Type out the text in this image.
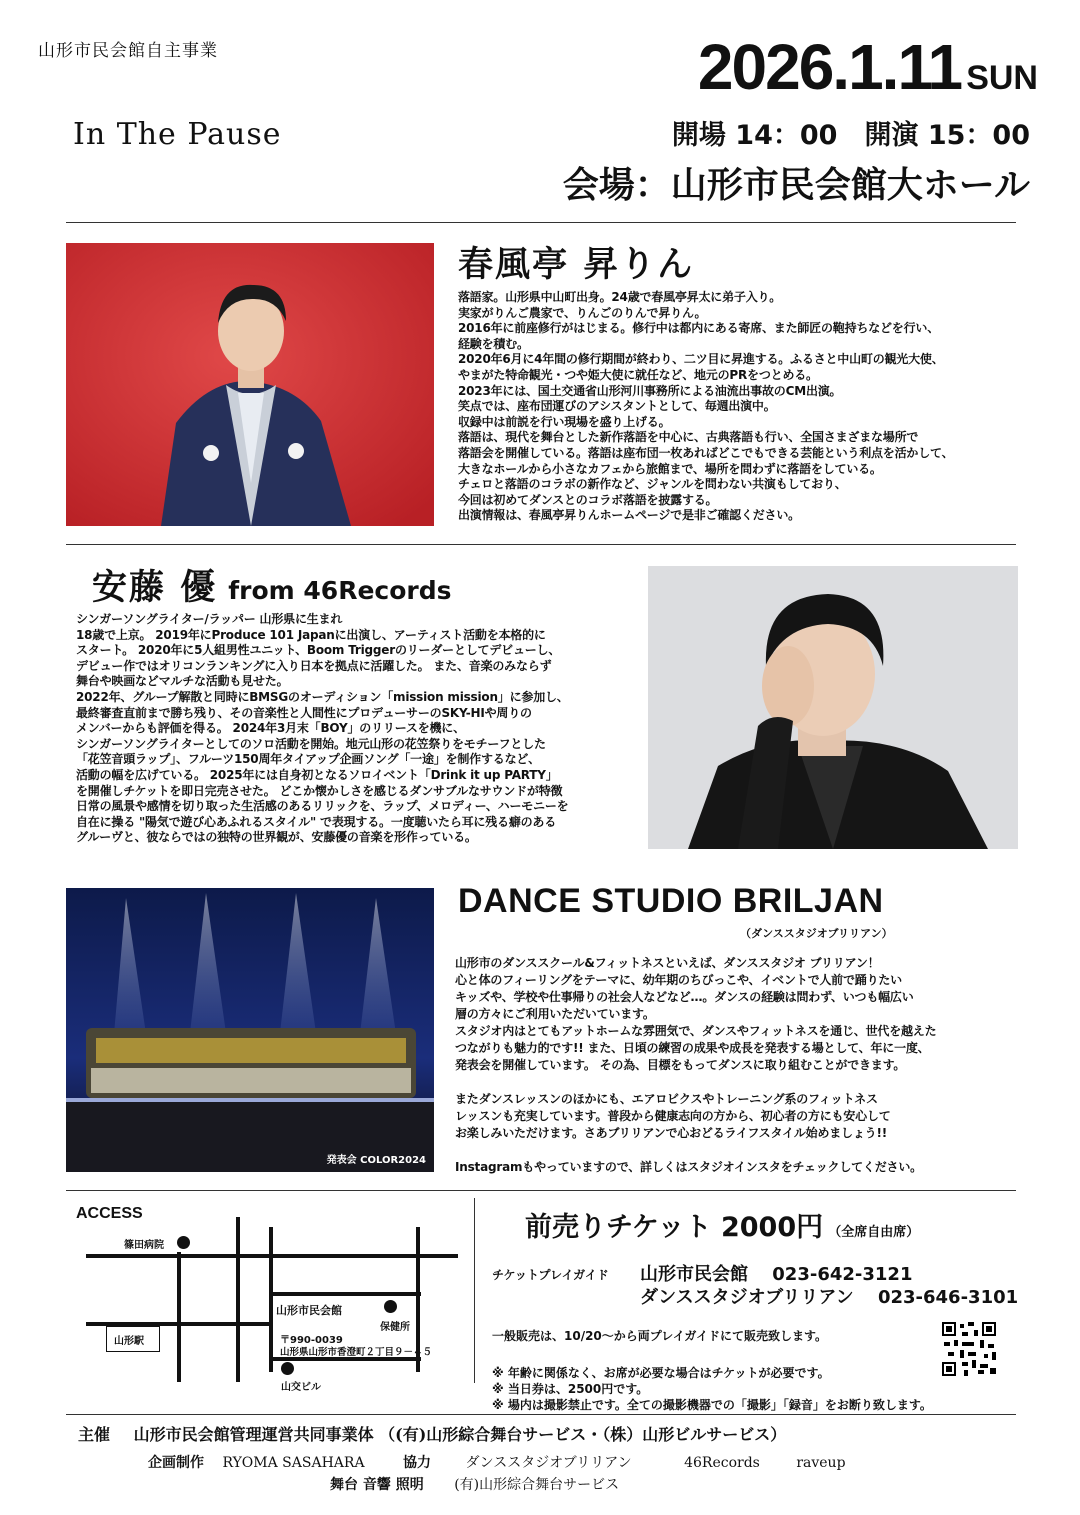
山形市民会館自主事業
In The Pause
2026.1.11 SUN
開場 14：00　開演 15：00
会場：山形市民会館大ホール
春風亭 昇りん
落語家。山形県中山町出身。24歳で春風亭昇太に弟子入り。
実家がりんご農家で、りんごのりんで昇りん。
2016年に前座修行がはじまる。修行中は都内にある寄席、また師匠の鞄持ちなどを行い、
経験を積む。
2020年6月に4年間の修行期間が終わり、二ツ目に昇進する。ふるさと中山町の観光大使、
やまがた特命観光・つや姫大使に就任など、地元のPRをつとめる。
2023年には、国土交通省山形河川事務所による油流出事故のCM出演。
笑点では、座布団運びのアシスタントとして、毎週出演中。
収録中は前説を行い現場を盛り上げる。
落語は、現代を舞台とした新作落語を中心に、古典落語も行い、全国さまざまな場所で
落語会を開催している。落語は座布団一枚あればどこでもできる芸能という利点を活かして、
大きなホールから小さなカフェから旅館まで、場所を問わずに落語をしている。
チェロと落語のコラボの新作など、ジャンルを問わない共演もしており、
今回は初めてダンスとのコラボ落語を披露する。
出演情報は、春風亭昇りんホームページで是非ご確認ください。
安藤 優 from 46Records
シンガーソングライター/ラッパー 山形県に生まれ
18歳で上京。 2019年にProduce 101 Japanに出演し、アーティスト活動を本格的に
スタート。 2020年に5人組男性ユニット、Boom Triggerのリーダーとしてデビューし、
デビュー作ではオリコンランキングに入り日本を拠点に活躍した。 また、音楽のみならず
舞台や映画などマルチな活動も見せた。
2022年、グループ解散と同時にBMSGのオーディション「mission mission」に参加し、
最終審査直前まで勝ち残り、その音楽性と人間性にプロデューサーのSKY-HIや周りの
メンバーからも評価を得る。 2024年3月末「BOY」のリリースを機に、
シンガーソングライターとしてのソロ活動を開始。地元山形の花笠祭りをモチーフとした
「花笠音頭ラップ」、フルーツ150周年タイアップ企画ソング「一途」を制作するなど、
活動の幅を広げている。 2025年には自身初となるソロイベント「Drink it up PARTY」
を開催しチケットを即日完売させた。 どこか懐かしさを感じるダンサブルなサウンドが特徴
日常の風景や感情を切り取った生活感のあるリリックを、ラップ、メロディー、ハーモニーを
自在に操る "陽気で遊び心あふれるスタイル" で表現する。一度聴いたら耳に残る癖のある
グルーヴと、彼ならではの独特の世界観が、安藤優の音楽を形作っている。
発表会 COLOR2024
DANCE STUDIO BRILJAN
（ダンススタジオブリリアン）
山形市のダンススクール&フィットネスといえば、ダンススタジオ ブリリアン！
心と体のフィーリングをテーマに、幼年期のちびっこや、イベントで人前で踊りたい
キッズや、学校や仕事帰りの社会人などなど…。ダンスの経験は問わず、いつも幅広い
層の方々にご利用いただいています。
スタジオ内はとてもアットホームな雰囲気で、ダンスやフィットネスを通じ、世代を越えた
つながりも魅力的です!! また、日頃の練習の成果や成長を発表する場として、年に一度、
発表会を開催しています。 その為、目標をもってダンスに取り組むことができます。

またダンスレッスンのほかにも、エアロビクスやトレーニング系のフィットネス
レッスンも充実しています。普段から健康志向の方から、初心者の方にも安心して
お楽しみいただけます。さあブリリアンで心おどるライフスタイル始めましょう!!

Instagramもやっていますので、詳しくはスタジオインスタをチェックしてください。
ACCESS
篠田病院
山形市民会館
保健所
〒990-0039
山形県山形市香澄町２丁目９－４５
山形駅
山交ビル
前売りチケット 2000円 （全席自由席）
チケットプレイガイド 山形市民会館 023-642-3121
ダンススタジオブリリアン 023-646-3101
一般販売は、10/20～から両プレイガイドにて販売致します。
※ 年齢に関係なく、お席が必要な場合はチケットが必要です。
※ 当日券は、2500円です。
※ 場内は撮影禁止です。全ての撮影機器での「撮影」「録音」をお断り致します。
主催 山形市民会館管理運営共同事業体 （(有)山形綜合舞台サービス・（株）山形ビルサービス）
企画制作 RYOMA SASAHARA	協力 ダンススタジオブリリアン	46Records	raveup
舞台 音響 照明 (有)山形綜合舞台サービス
